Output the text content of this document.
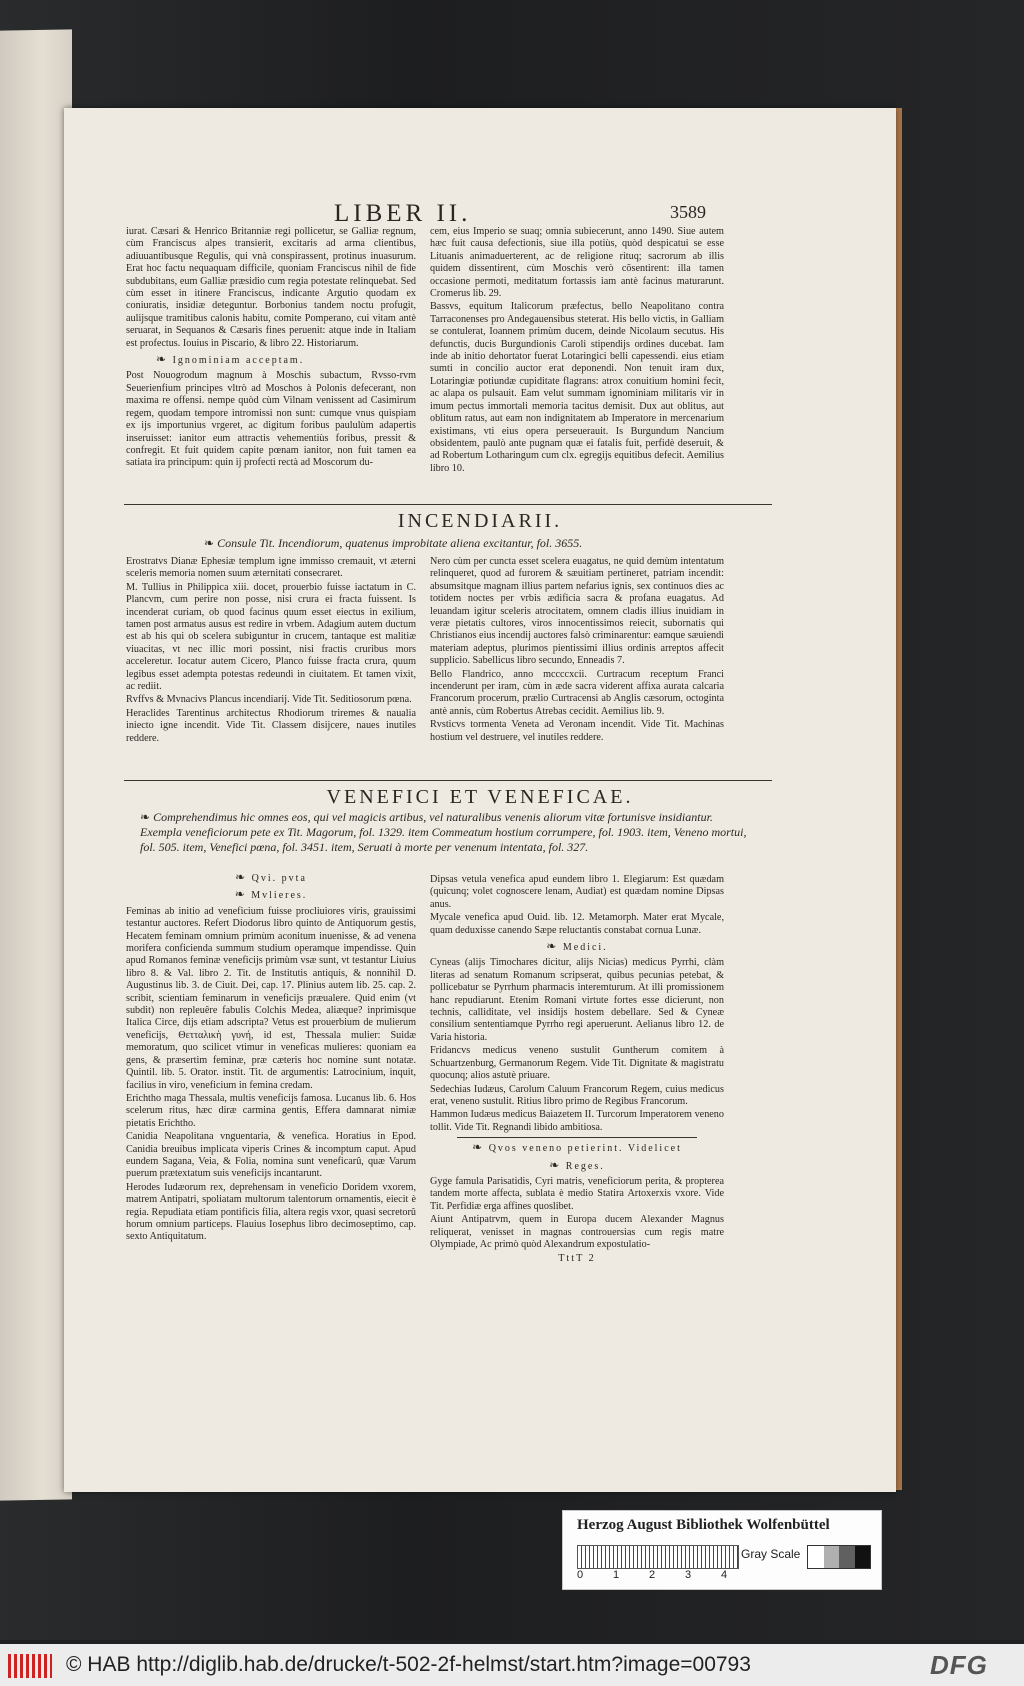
LIBER II.	3589

iurat. Cæsari & Henrico Britanniæ regi pollicetur, se Galliæ regnum, cùm Franciscus alpes transierit, excitaris ad arma clientibus, adiuuantibusque Regulis, qui vnà conspirassent, protinus inuasurum. Erat hoc factu nequaquam difficile, quoniam Franciscus nihil de fide subdubitans, eum Galliæ præsidio cum regia potestate relinquebat. Sed cùm esset in itinere Franciscus, indicante Argutio quodam ex coniuratis, insidiæ deteguntur. Borbonius tandem noctu profugit, aulijsque tramitibus calonis habitu, comite Pomperano, cui vitam antè seruarat, in Sequanos & Cæsaris fines peruenit: atque inde in Italiam est profectus. Iouius in Piscario, & libro 22. Historiarum.

❧ Ignominiam acceptam.

Post Nouogrodum magnum à Moschis subactum, Rvsso-rvm Seuerienfium principes vltrò ad Moschos à Polonis defecerant, non maxima re offensi. nempe quòd cùm Vilnam venissent ad Casimirum regem, quodam tempore intromissi non sunt: cumque vnus quispiam ex ijs importunius vrgeret, ac digitum foribus paululùm adapertis inseruisset: ianitor eum attractis vehementiùs foribus, pressit & confregit. Et fuit quidem capite pœnam ianitor, non fuit tamen ea satiata ira principum: quin ij profecti rectà ad Moscorum du-

cem, eius Imperio se suaq; omnia subiecerunt, anno 1490. Siue autem hæc fuit causa defectionis, siue illa potiùs, quòd despicatui se esse Lituanis animaduerterent, ac de religione rituq; sacrorum ab illis quidem dissentirent, cùm Moschis verò cõsentirent: illa tamen occasione permoti, meditatum fortassis iam antè facinus maturarunt. Cromerus lib. 29.

Bassvs, equitum Italicorum præfectus, bello Neapolitano contra Tarraconenses pro Andegauensibus steterat. His bello victis, in Galliam se contulerat, Ioannem primùm ducem, deinde Nicolaum secutus. His defunctis, ducis Burgundionis Caroli stipendijs ordines ducebat. Iam inde ab initio dehortator fuerat Lotaringici belli capessendi. eius etiam sumti in concilio auctor erat deponendi. Non tenuit iram dux, Lotaringiæ potiundæ cupiditate flagrans: atrox conuitium homini fecit, ac alapa os pulsauit. Eam velut summam ignominiam militaris vir in imum pectus immortali memoria tacitus demisit. Dux aut oblitus, aut oblitum ratus, aut eam non indignitatem ab Imperatore in mercenarium existimans, vti eius opera perseuerauit. Is Burgundum Nancium obsidentem, paulò ante pugnam quæ ei fatalis fuit, perfidè deseruit, & ad Robertum Lotharingum cum clx. egregijs equitibus defecit. Aemilius libro 10.

INCENDIARII.
❧ Consule Tit. Incendiorum, quatenus improbitate aliena excitantur, fol. 3655.

Erostratvs Dianæ Ephesiæ templum igne immisso cremauit, vt æterni sceleris memoria nomen suum æternitati consecraret.

M. Tullius in Philippica xiii. docet, prouerbio fuisse iactatum in C. Plancvm, cum perire non posse, nisi crura ei fracta fuissent. Is incenderat curiam, ob quod facinus quum esset eiectus in exilium, tamen post armatus ausus est redire in vrbem. Adagium autem ductum est ab his qui ob scelera subiguntur in crucem, tantaque est malitiæ viuacitas, vt nec illic mori possint, nisi fractis cruribus mors acceleretur. Iocatur autem Cicero, Planco fuisse fracta crura, quum legibus esset adempta potestas redeundi in ciuitatem. Et tamen vixit, ac rediit.

Rvffvs & Mvnacivs Plancus incendiarij. Vide Tit. Seditiosorum pœna.

Heraclides Tarentinus architectus Rhodiorum triremes & naualia iniecto igne incendit. Vide Tit. Classem disijcere, naues inutiles reddere.

Nero cùm per cuncta esset scelera euagatus, ne quid demùm intentatum relinqueret, quod ad furorem & sæuitiam pertineret, patriam incendit: absumsitque magnam illius partem nefarius ignis, sex continuos dies ac totidem noctes per vrbis ædificia sacra & profana euagatus. Ad leuandam igitur sceleris atrocitatem, omnem cladis illius inuidiam in veræ pietatis cultores, viros innocentissimos reiecit, subornatis qui Christianos eius incendij auctores falsò criminarentur: eamque sæuiendi materiam adeptus, plurimos pientissimi illius ordinis arreptos affecit supplicio. Sabellicus libro secundo, Enneadis 7.

Bello Flandrico, anno mccccxcii. Curtracum receptum Franci incenderunt per iram, cùm in æde sacra viderent affixa aurata calcaria Francorum procerum, prælio Curtracensi ab Anglis cæsorum, octoginta antè annis, cùm Robertus Atrebas cecidit. Aemilius lib. 9.

Rvsticvs tormenta Veneta ad Veronam incendit. Vide Tit. Machinas hostium vel destruere, vel inutiles reddere.

VENEFICI ET VENEFICAE.
❧ Comprehendimus hic omnes eos, qui vel magicis artibus, vel naturalibus venenis aliorum vitæ fortunisve insidiantur. Exempla veneficiorum pete ex Tit. Magorum, fol. 1329. item Commeatum hostium corrumpere, fol. 1903. item, Veneno mortui, fol. 505. item, Venefici pœna, fol. 3451. item, Seruati à morte per venenum intentata, fol. 327.
❧ Qvi. pvta
❧ Mvlieres.

Feminas ab initio ad veneficium fuisse procliuiores viris, grauissimi testantur auctores. Refert Diodorus libro quinto de Antiquorum gestis, Hecatem feminam omnium primùm aconitum inuenisse, & ad venena morifera conficienda summum studium operamque impendisse. Quin apud Romanos feminæ veneficijs primùm vsæ sunt, vt testantur Liuius libro 8. & Val. libro 2. Tit. de Institutis antiquis, & nonnihil D. Augustinus lib. 3. de Ciuit. Dei, cap. 17. Plinius autem lib. 25. cap. 2. scribit, scientiam feminarum in veneficijs præualere. Quid enim (vt subdit) non repleuêre fabulis Colchis Medea, aliæque? inprimisque Italica Circe, dijs etiam adscripta? Vetus est prouerbium de mulierum veneficijs, Θετταλικὴ γυνή, id est, Thessala mulier: Suidæ memoratum, quo scilicet vtimur in veneficas mulieres: quoniam ea gens, & præsertim feminæ, præ cæteris hoc nomine sunt notatæ. Quintil. lib. 5. Orator. instit. Tit. de argumentis: Latrocinium, inquit, facilius in viro, veneficium in femina credam.

Erichtho maga Thessala, multis veneficijs famosa. Lucanus lib. 6. Hos scelerum ritus, hæc diræ carmina gentis, Effera damnarat nimiæ pietatis Erichtho.

Canidia Neapolitana vnguentaria, & venefica. Horatius in Epod. Canidia breuibus implicata viperis Crines & incomptum caput. Apud eundem Sagana, Veia, & Folia, nomina sunt veneficarû, quæ Varum puerum prætextatum suis veneficijs incantarunt.

Herodes Iudæorum rex, deprehensam in veneficio Doridem vxorem, matrem Antipatri, spoliatam multorum talentorum ornamentis, eiecit è regia. Repudiata etiam pontificis filia, altera regis vxor, quasi secretorû horum omnium particeps. Flauius Iosephus libro decimoseptimo, cap. sexto Antiquitatum.

Dipsas vetula venefica apud eundem libro 1. Elegiarum: Est quædam (quicunq; volet cognoscere lenam, Audiat) est quædam nomine Dipsas anus.

Mycale venefica apud Ouid. lib. 12. Metamorph. Mater erat Mycale, quam deduxisse canendo Sæpe reluctantis constabat cornua Lunæ.

❧ Medici.

Cyneas (alijs Timochares dicitur, alijs Nicias) medicus Pyrrhi, clàm literas ad senatum Romanum scripserat, quibus pecunias petebat, & pollicebatur se Pyrrhum pharmacis interemturum. At illi promissionem hanc repudiarunt. Etenim Romani virtute fortes esse dicierunt, non technis, calliditate, vel insidijs hostem debellare. Sed & Cyneæ consilium sententiamque Pyrrho regi aperuerunt. Aelianus libro 12. de Varia historia.

Fridancvs medicus veneno sustulit Guntherum comitem à Schuartzenburg, Germanorum Regem. Vide Tit. Dignitate & magistratu quocunq; alios astutè priuare.

Sedechias Iudæus, Carolum Caluum Francorum Regem, cuius medicus erat, veneno sustulit. Ritius libro primo de Regibus Francorum.

Hammon Iudæus medicus Baiazetem II. Turcorum Imperatorem veneno tollit. Vide Tit. Regnandi libido ambitiosa.

❧ Qvos veneno petierint. Videlicet
❧ Reges.

Gyge famula Parisatidis, Cyri matris, veneficiorum perita, & propterea tandem morte affecta, sublata è medio Statira Artoxerxis vxore. Vide Tit. Perfidiæ erga affines quoslibet.

Aiunt Antipatrvm, quem in Europa ducem Alexander Magnus reliquerat, venisset in magnas controuersias cum regis matre Olympiade, Ac primò quòd Alexandrum expostulatio-

TttT 2
Herzog August Bibliothek Wolfenbüttel
0	1	2	3	4
Gray Scale
© HAB http://diglib.hab.de/drucke/t-502-2f-helmst/start.htm?image=00793	DFG
